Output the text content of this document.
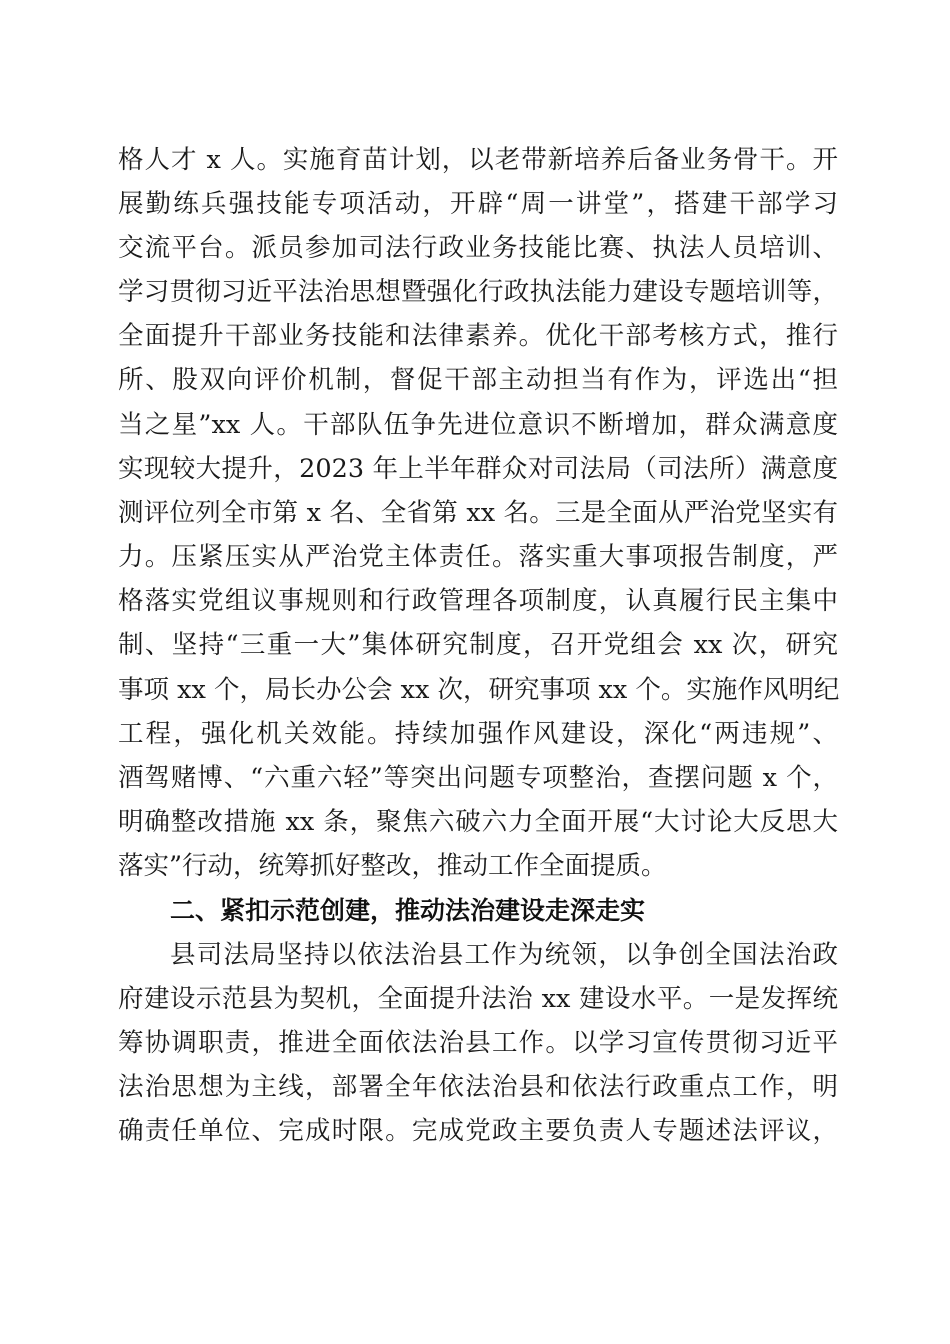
格人才 x 人。实施育苗计划，以老带新培养后备业务骨干。开
展勤练兵强技能专项活动，开辟“周一讲堂”，搭建干部学习
交流平台。派员参加司法行政业务技能比赛、执法人员培训、
学习贯彻习近平法治思想暨强化行政执法能力建设专题培训等，
全面提升干部业务技能和法律素养。优化干部考核方式，推行
所、股双向评价机制，督促干部主动担当有作为，评选出“担
当之星”xx 人。干部队伍争先进位意识不断增加，群众满意度
实现较大提升，2023 年上半年群众对司法局（司法所）满意度
测评位列全市第 x 名、全省第 xx 名。三是全面从严治党坚实有
力。压紧压实从严治党主体责任。落实重大事项报告制度，严
格落实党组议事规则和行政管理各项制度，认真履行民主集中
制、坚持“三重一大”集体研究制度，召开党组会 xx 次，研究
事项 xx 个，局长办公会 xx 次，研究事项 xx 个。实施作风明纪
工程，强化机关效能。持续加强作风建设，深化“两违规”、
酒驾赌博、“六重六轻”等突出问题专项整治，查摆问题 x 个，
明确整改措施 xx 条，聚焦六破六力全面开展“大讨论大反思大
落实”行动，统筹抓好整改，推动工作全面提质。
二、紧扣示范创建，推动法治建设走深走实
县司法局坚持以依法治县工作为统领，以争创全国法治政
府建设示范县为契机，全面提升法治 xx 建设水平。一是发挥统
筹协调职责，推进全面依法治县工作。以学习宣传贯彻习近平
法治思想为主线，部署全年依法治县和依法行政重点工作，明
确责任单位、完成时限。完成党政主要负责人专题述法评议，
